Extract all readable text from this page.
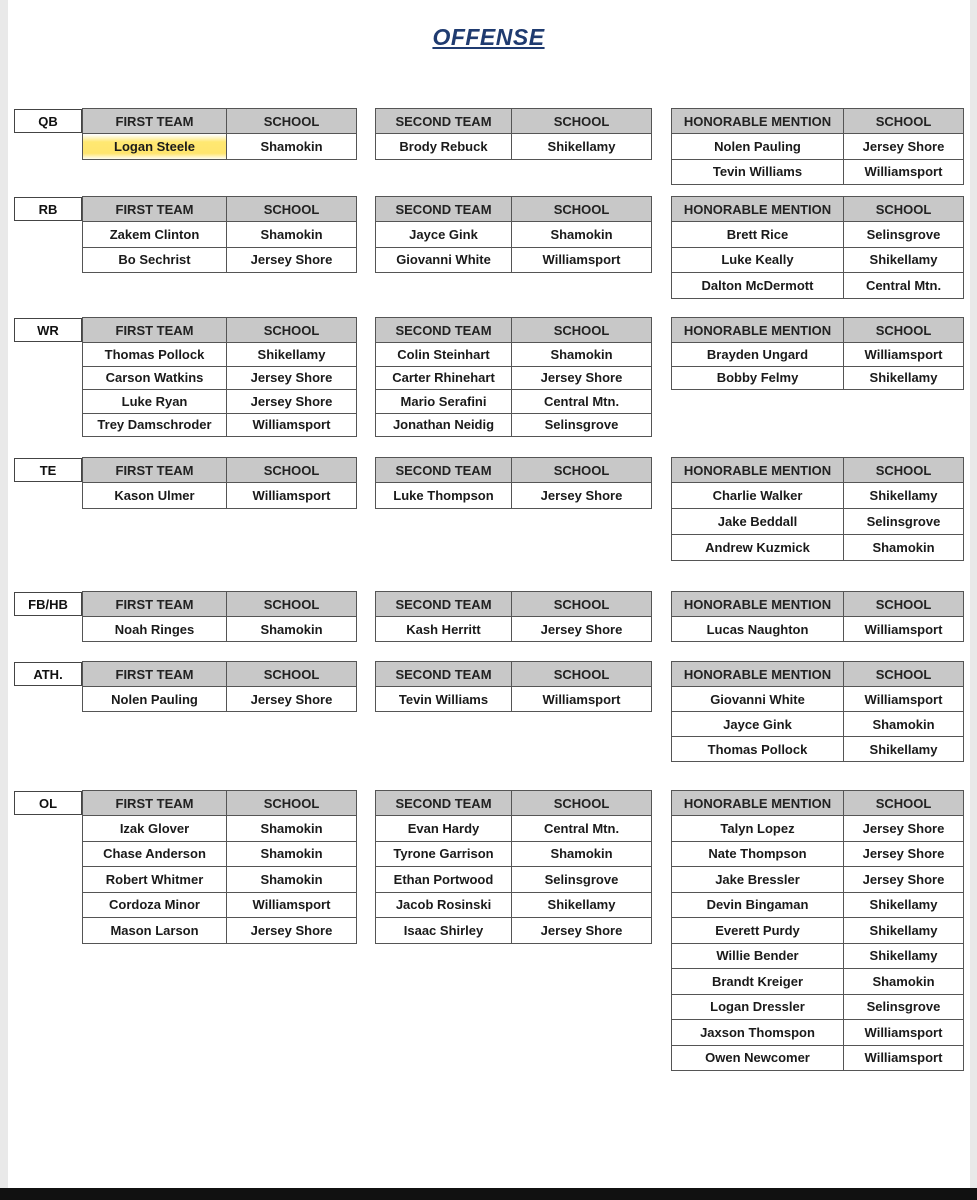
OFFENSE
QB	FIRST TEAM	SCHOOL
Logan Steele	Shamokin
SECOND TEAM	SCHOOL
Brody Rebuck	Shikellamy
HONORABLE MENTION	SCHOOL
Nolen Pauling	Jersey Shore
Tevin Williams	Williamsport
RB	FIRST TEAM	SCHOOL
Zakem Clinton	Shamokin
Bo Sechrist	Jersey Shore
SECOND TEAM	SCHOOL
Jayce Gink	Shamokin
Giovanni White	Williamsport
HONORABLE MENTION	SCHOOL
Brett Rice	Selinsgrove
Luke Keally	Shikellamy
Dalton McDermott	Central Mtn.
WR	FIRST TEAM	SCHOOL
Thomas Pollock	Shikellamy
Carson Watkins	Jersey Shore
Luke Ryan	Jersey Shore
Trey Damschroder	Williamsport
SECOND TEAM	SCHOOL
Colin Steinhart	Shamokin
Carter Rhinehart	Jersey Shore
Mario Serafini	Central Mtn.
Jonathan Neidig	Selinsgrove
HONORABLE MENTION	SCHOOL
Brayden Ungard	Williamsport
Bobby Felmy	Shikellamy
TE	FIRST TEAM	SCHOOL
Kason Ulmer	Williamsport
SECOND TEAM	SCHOOL
Luke Thompson	Jersey Shore
HONORABLE MENTION	SCHOOL
Charlie Walker	Shikellamy
Jake Beddall	Selinsgrove
Andrew Kuzmick	Shamokin
FB/HB	FIRST TEAM	SCHOOL
Noah Ringes	Shamokin
SECOND TEAM	SCHOOL
Kash Herritt	Jersey Shore
HONORABLE MENTION	SCHOOL
Lucas Naughton	Williamsport
ATH.	FIRST TEAM	SCHOOL
Nolen Pauling	Jersey Shore
SECOND TEAM	SCHOOL
Tevin Williams	Williamsport
HONORABLE MENTION	SCHOOL
Giovanni White	Williamsport
Jayce Gink	Shamokin
Thomas Pollock	Shikellamy
OL	FIRST TEAM	SCHOOL
Izak Glover	Shamokin
Chase Anderson	Shamokin
Robert Whitmer	Shamokin
Cordoza Minor	Williamsport
Mason Larson	Jersey Shore
SECOND TEAM	SCHOOL
Evan Hardy	Central Mtn.
Tyrone Garrison	Shamokin
Ethan Portwood	Selinsgrove
Jacob Rosinski	Shikellamy
Isaac Shirley	Jersey Shore
HONORABLE MENTION	SCHOOL
Talyn Lopez	Jersey Shore
Nate Thompson	Jersey Shore
Jake Bressler	Jersey Shore
Devin Bingaman	Shikellamy
Everett Purdy	Shikellamy
Willie Bender	Shikellamy
Brandt Kreiger	Shamokin
Logan Dressler	Selinsgrove
Jaxson Thomspon	Williamsport
Owen Newcomer	Williamsport
